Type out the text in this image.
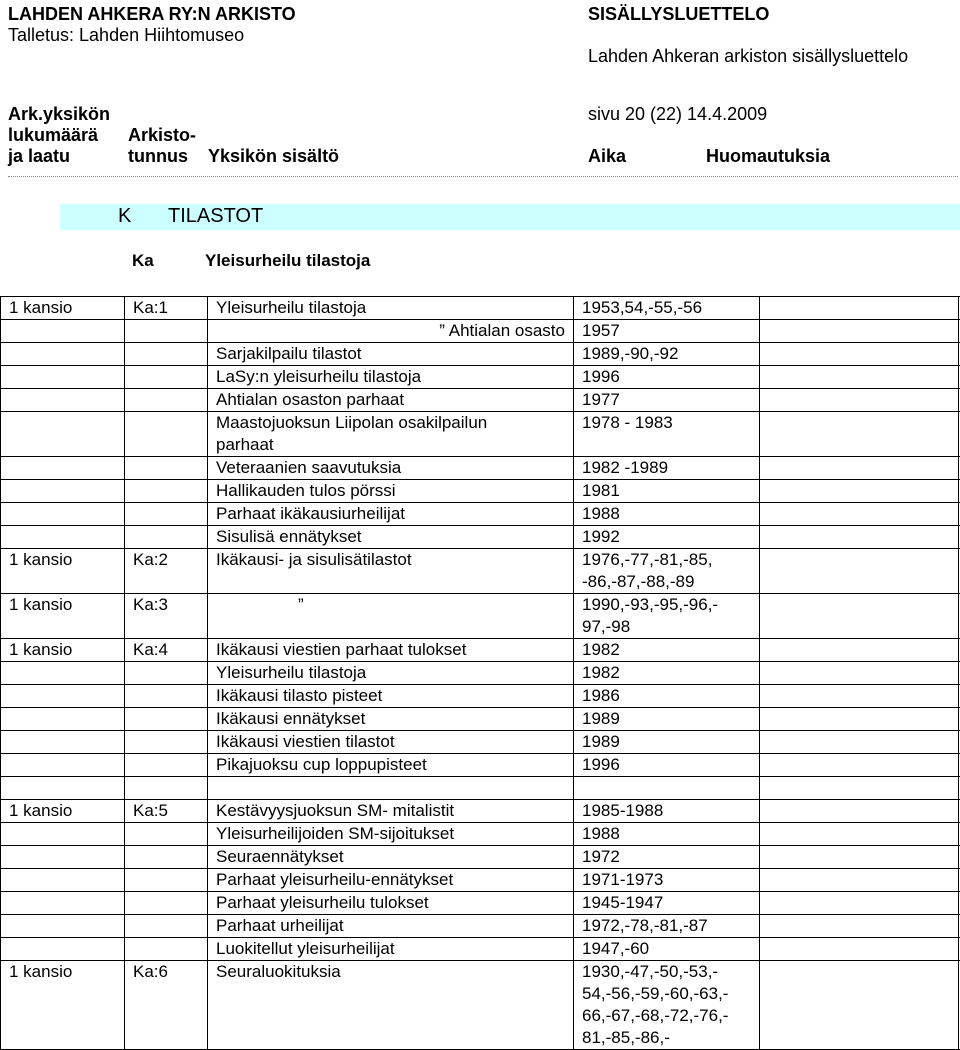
LAHDEN AHKERA RY:N ARKISTO
Talletus: Lahden Hiihtomuseo
SISÄLLYSLUETTELO
Lahden Ahkeran arkiston sisällysluettelo
sivu 20 (22) 14.4.2009
Ark.yksikön
lukumäärä
ja laatu
Arkisto-
tunnus Yksikön sisältö	Aika	Huomautuksia
K TILASTOT
Ka	Yleisurheilu tilastoja
1 kansio	Ka:1	Yleisurheilu tilastoja	1953,54,-55,-56
” Ahtialan osasto	1957
Sarjakilpailu tilastot	1989,-90,-92
LaSy:n yleisurheilu tilastoja	1996
Ahtialan osaston parhaat	1977
Maastojuoksun Liipolan osakilpailun
parhaat
1978 - 1983
Veteraanien saavutuksia	1982 -1989
Hallikauden tulos pörssi	1981
Parhaat ikäkausiurheilijat	1988
Sisulisä ennätykset	1992
1 kansio	Ka:2	Ikäkausi- ja sisulisätilastot	1976,-77,-81,-85,
-86,-87,-88,-89
1 kansio	Ka:3	”	1990,-93,-95,-96,-
97,-98
1 kansio	Ka:4	Ikäkausi viestien parhaat tulokset	1982
Yleisurheilu tilastoja	1982
Ikäkausi tilasto pisteet	1986
Ikäkausi ennätykset	1989
Ikäkausi viestien tilastot	1989
Pikajuoksu cup loppupisteet	1996
1 kansio	Ka:5	Kestävyysjuoksun SM- mitalistit	1985-1988
Yleisurheilijoiden SM-sijoitukset	1988
Seuraennätykset	1972
Parhaat yleisurheilu-ennätykset	1971-1973
Parhaat yleisurheilu tulokset	1945-1947
Parhaat urheilijat	1972,-78,-81,-87
Luokitellut yleisurheilijat	1947,-60
1 kansio	Ka:6	Seuraluokituksia	1930,-47,-50,-53,-
54,-56,-59,-60,-63,-
66,-67,-68,-72,-76,-
81,-85,-86,-
